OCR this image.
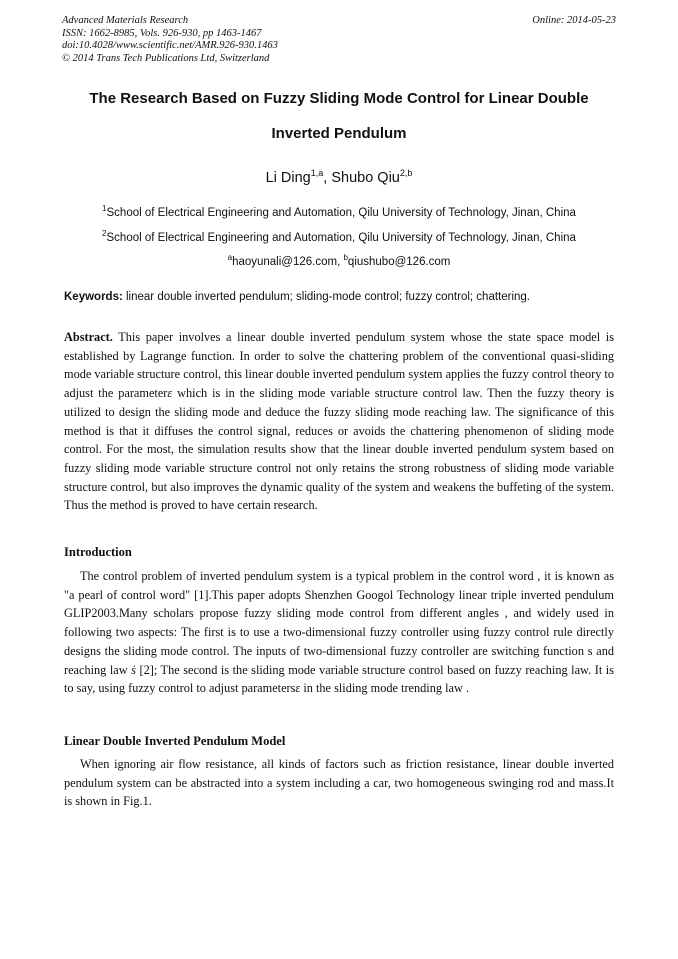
Advanced Materials Research
ISSN: 1662-8985, Vols. 926-930, pp 1463-1467
doi:10.4028/www.scientific.net/AMR.926-930.1463
© 2014 Trans Tech Publications Ltd, Switzerland
Online: 2014-05-23
The Research Based on Fuzzy Sliding Mode Control for Linear Double
Inverted Pendulum
Li Ding$^{1,a}$, Shubo Qiu$^{2,b}$
$^1$School of Electrical Engineering and Automation, Qilu University of Technology, Jinan, China
$^2$School of Electrical Engineering and Automation, Qilu University of Technology, Jinan, China
$^a$haoyunali@126.com, $^b$qiushubo@126.com
Keywords: linear double inverted pendulum; sliding-mode control; fuzzy control; chattering.

Abstract. This paper involves a linear double inverted pendulum system whose the state space model is established by Lagrange function. In order to solve the chattering problem of the conventional quasi-sliding mode variable structure control, this linear double inverted pendulum system applies the fuzzy control theory to adjust the parameterε which is in the sliding mode variable structure control law. Then the fuzzy theory is utilized to design the sliding mode and deduce the fuzzy sliding mode reaching law. The significance of this method is that it diffuses the control signal, reduces or avoids the chattering phenomenon of sliding mode control. For the most, the simulation results show that the linear double inverted pendulum system based on fuzzy sliding mode variable structure control not only retains the strong robustness of sliding mode variable structure control, but also improves the dynamic quality of the system and weakens the buffeting of the system. Thus the method is proved to have certain research.

Introduction

The control problem of inverted pendulum system is a typical problem in the control word , it is known as "a pearl of control word" [1].This paper adopts Shenzhen Googol Technology linear triple inverted pendulum GLIP2003.Many scholars propose fuzzy sliding mode control from different angles , and widely used in following two aspects: The first is to use a two-dimensional fuzzy controller using fuzzy control rule directly designs the sliding mode control. The inputs of two-dimensional fuzzy controller are switching function s and reaching law ṡ [2]; The second is the sliding mode variable structure control based on fuzzy reaching law. It is to say, using fuzzy control to adjust parametersε in the sliding mode trending law .

Linear Double Inverted Pendulum Model

When ignoring air flow resistance, all kinds of factors such as friction resistance, linear double inverted pendulum system can be abstracted into a system including a car, two homogeneous swinging rod and mass.It is shown in Fig.1.
